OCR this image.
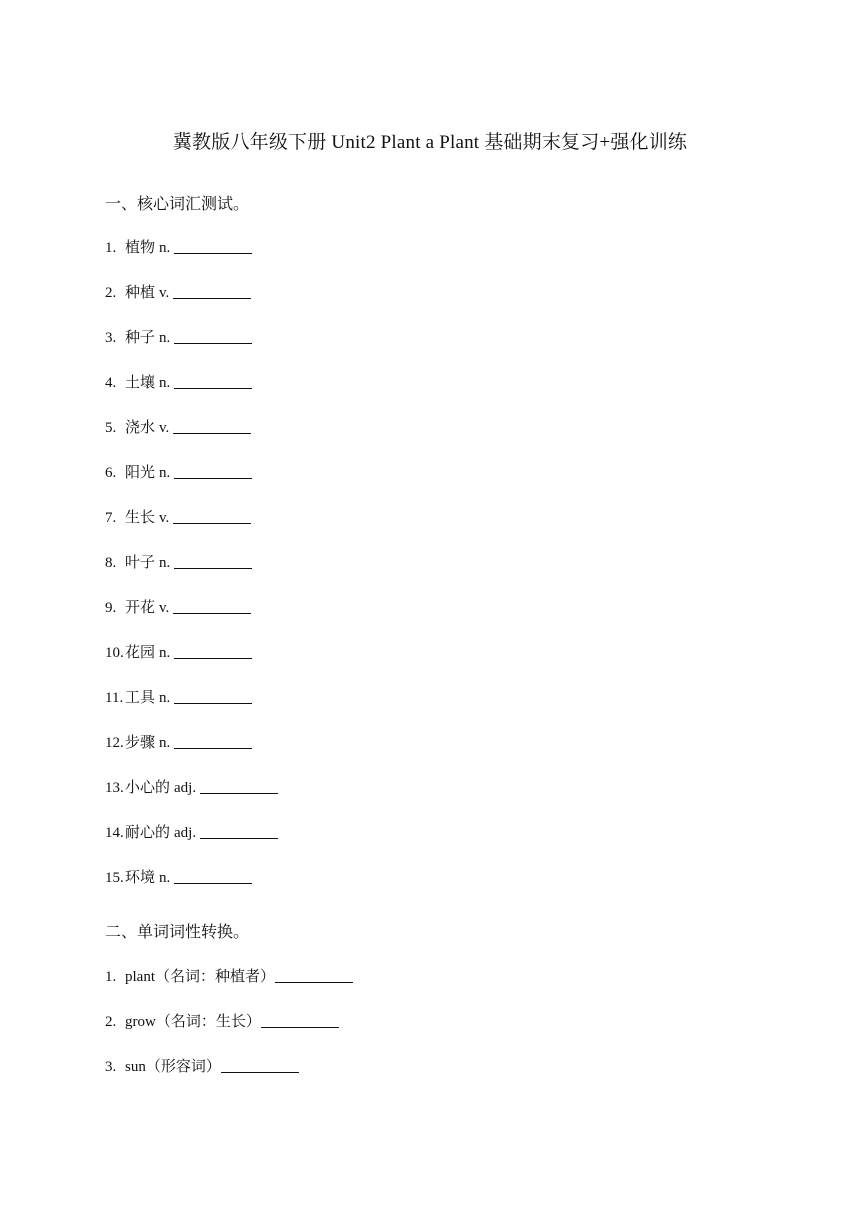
冀教版八年级下册 Unit2 Plant a Plant 基础期末复习+强化训练
一、核心词汇测试。
1. 植物 n.
2. 种植 v.
3. 种子 n.
4. 土壤 n.
5. 浇水 v.
6. 阳光 n.
7. 生长 v.
8. 叶子 n.
9. 开花 v.
10. 花园 n.
11. 工具 n.
12. 步骤 n.
13. 小心的 adj.
14. 耐心的 adj.
15. 环境 n.
二、单词词性转换。
1. plant （名词：种植者）
2. grow （名词：生长）
3. sun （形容词）
